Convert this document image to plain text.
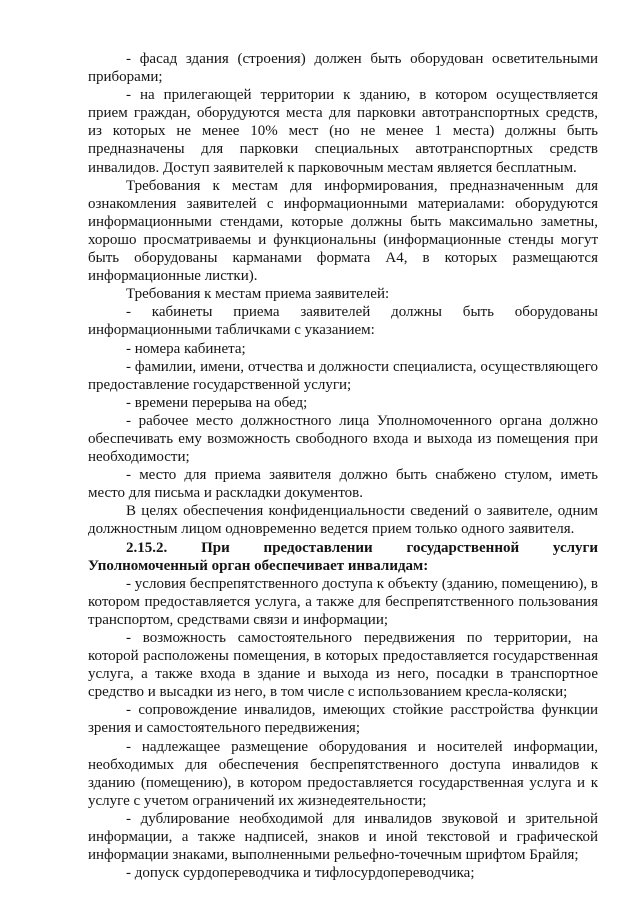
- фасад здания (строения) должен быть оборудован осветительными приборами;

- на прилегающей территории к зданию, в котором осуществляется прием граждан, оборудуются места для парковки автотранспортных средств, из которых не менее 10% мест (но не менее 1 места) должны быть предназначены для парковки специальных автотранспортных средств инвалидов. Доступ заявителей к парковочным местам является бесплатным.

Требования к местам для информирования, предназначенным для ознакомления заявителей с информационными материалами: оборудуются информационными стендами, которые должны быть максимально заметны, хорошо просматриваемы и функциональны (информационные стенды могут быть оборудованы карманами формата А4, в которых размещаются информационные листки).

Требования к местам приема заявителей:

- кабинеты приема заявителей должны быть оборудованы информационными табличками с указанием:

- номера кабинета;

- фамилии, имени, отчества и должности специалиста, осуществляющего предоставление государственной услуги;

- времени перерыва на обед;

- рабочее место должностного лица Уполномоченного органа должно обеспечивать ему возможность свободного входа и выхода из помещения при необходимости;

- место для приема заявителя должно быть снабжено стулом, иметь место для письма и раскладки документов.

В целях обеспечения конфиденциальности сведений о заявителе, одним должностным лицом одновременно ведется прием только одного заявителя.

2.15.2. При предоставлении государственной услуги Уполномоченный орган обеспечивает инвалидам:

- условия беспрепятственного доступа к объекту (зданию, помещению), в котором предоставляется услуга, а также для беспрепятственного пользования транспортом, средствами связи и информации;

- возможность самостоятельного передвижения по территории, на которой расположены помещения, в которых предоставляется государственная услуга, а также входа в здание и выхода из него, посадки в транспортное средство и высадки из него, в том числе с использованием кресла-коляски;

- сопровождение инвалидов, имеющих стойкие расстройства функции зрения и самостоятельного передвижения;

- надлежащее размещение оборудования и носителей информации, необходимых для обеспечения беспрепятственного доступа инвалидов к зданию (помещению), в котором предоставляется государственная услуга и к услуге с учетом ограничений их жизнедеятельности;

- дублирование необходимой для инвалидов звуковой и зрительной информации, а также надписей, знаков и иной текстовой и графической информации знаками, выполненными рельефно-точечным шрифтом Брайля;

- допуск сурдопереводчика и тифлосурдопереводчика;
